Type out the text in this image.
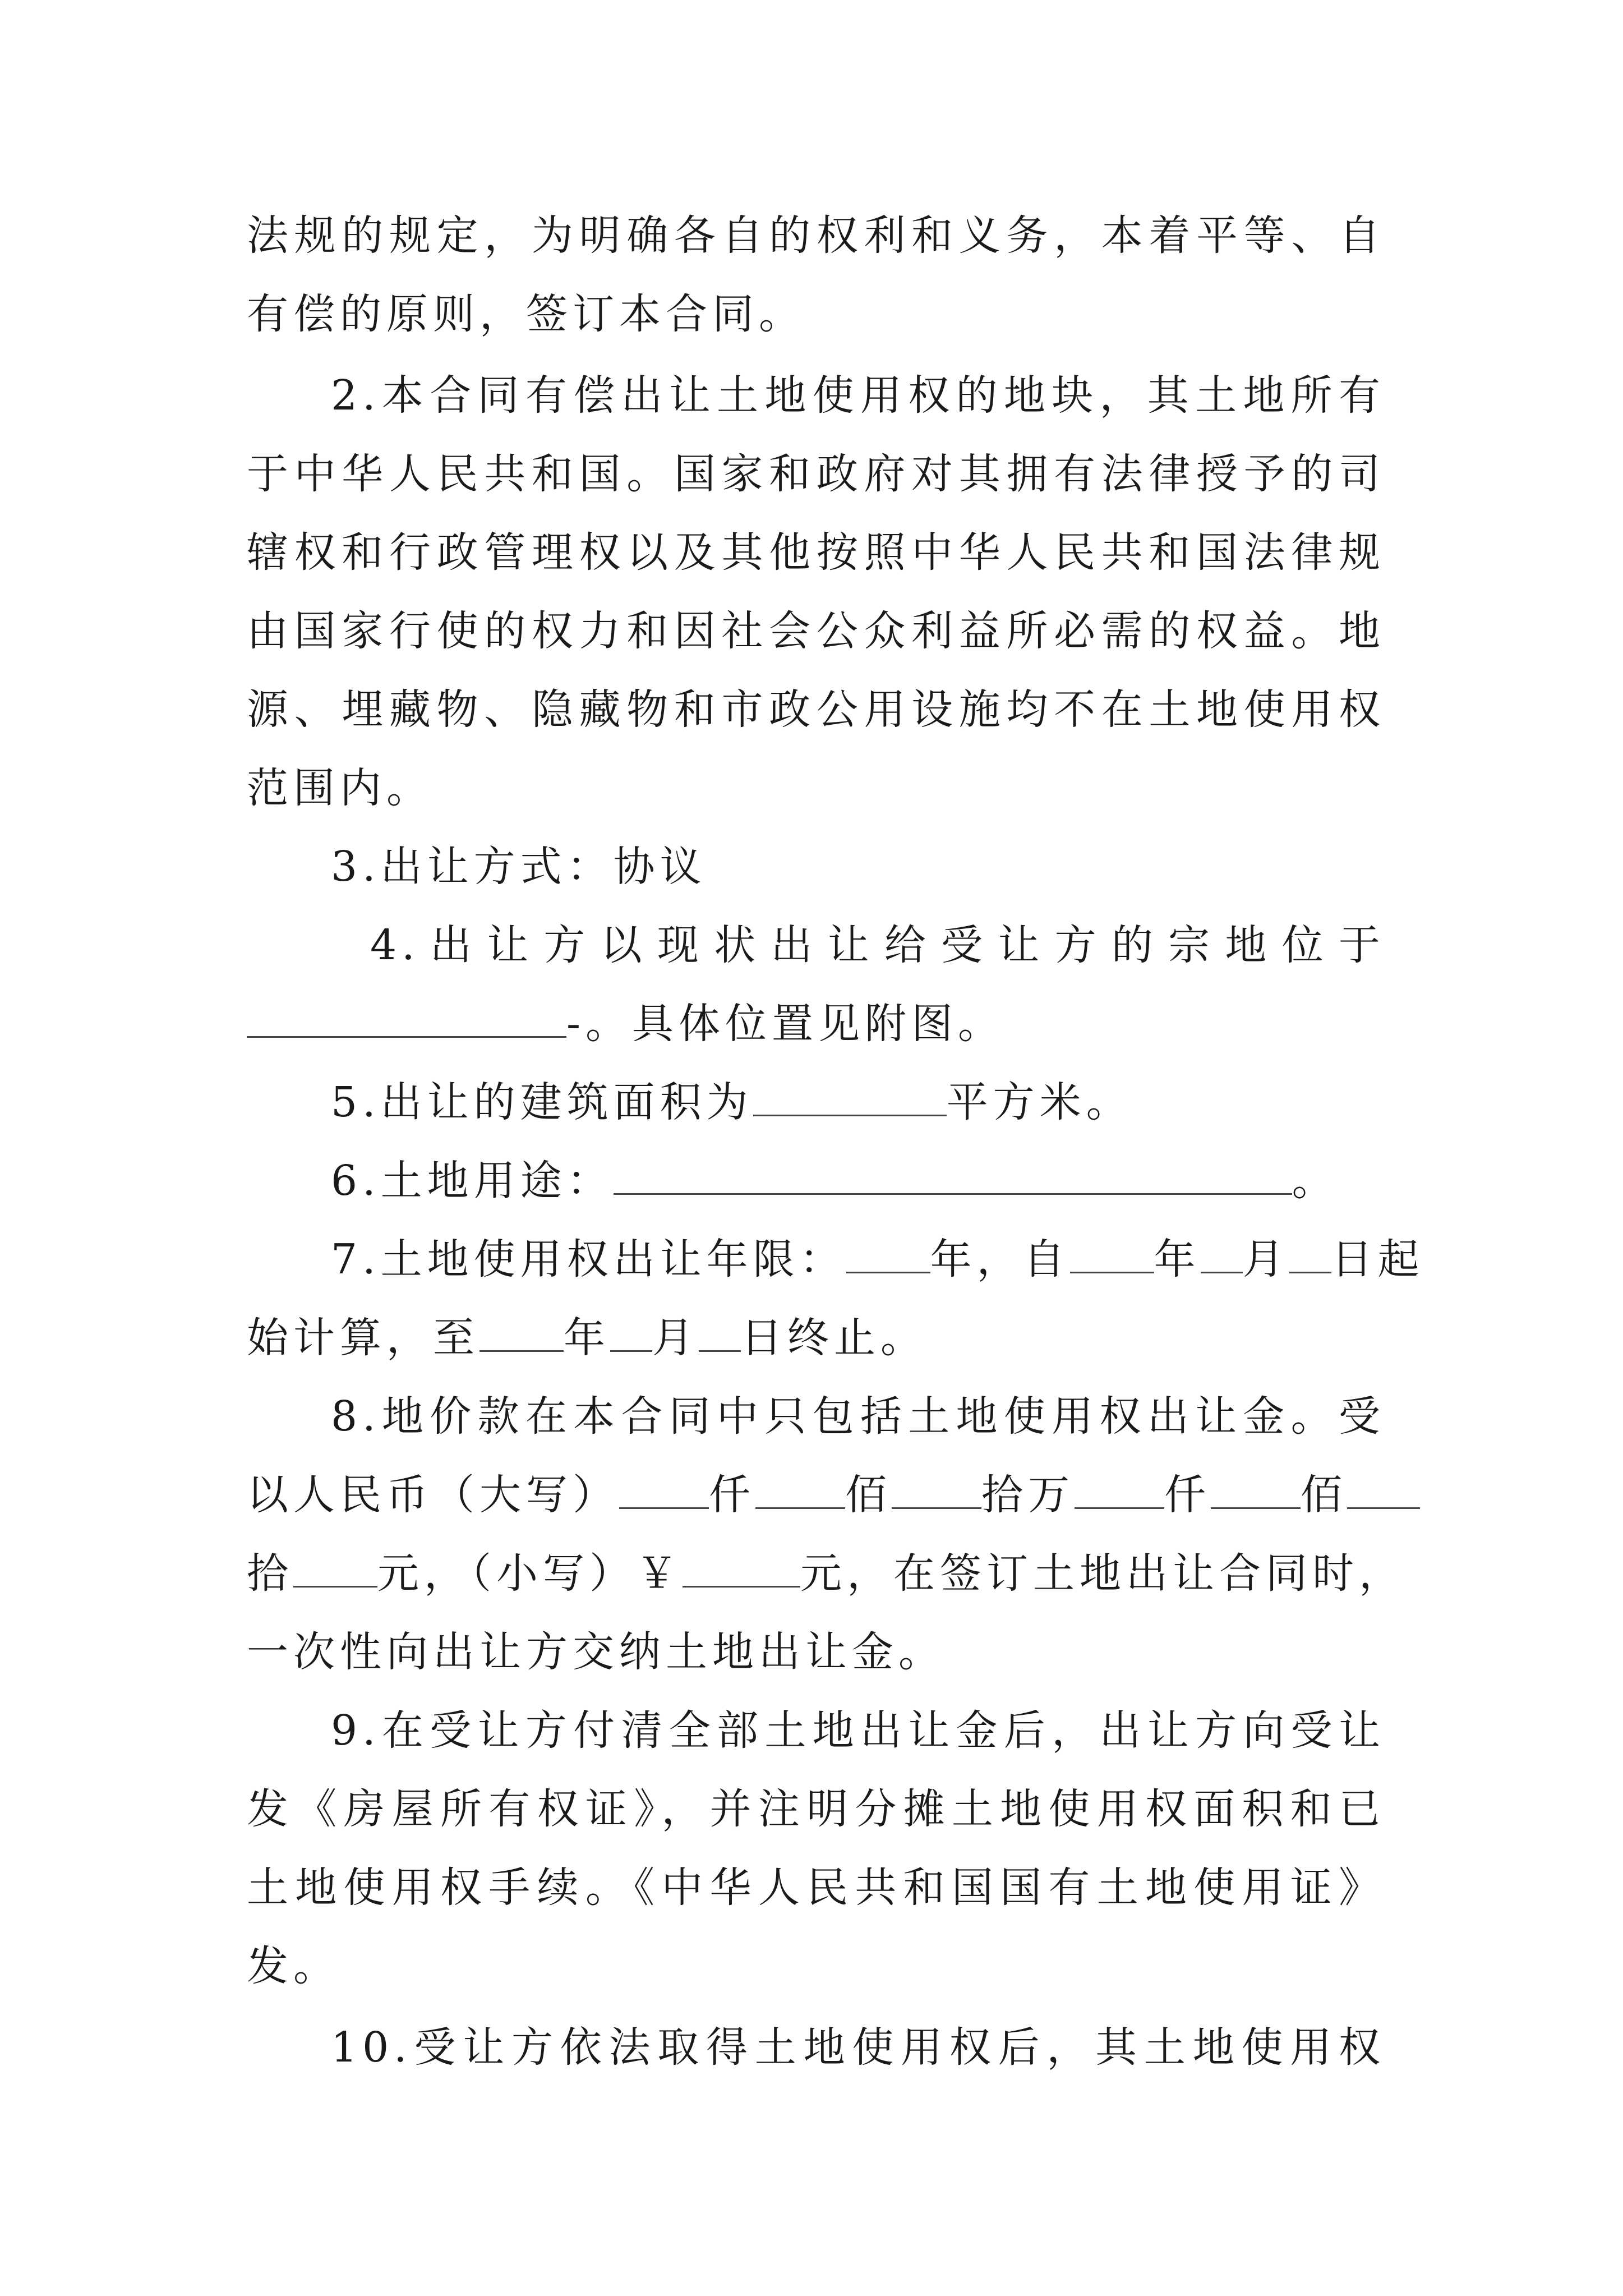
法规的规定，为明确各自的权利和义务，本着平等、自
有偿的原则，签订本合同。
2.本合同有偿出让土地使用权的地块，其土地所有
于中华人民共和国。国家和政府对其拥有法律授予的司
辖权和行政管理权以及其他按照中华人民共和国法律规
由国家行使的权力和因社会公众利益所必需的权益。地
源、埋藏物、隐藏物和市政公用设施均不在土地使用权
范围内。
3.出让方式：协议
4. 出 让 方 以 现 状 出 让 给 受 让 方 的 宗 地 位 于
-。具体位置见附图。
5.出让的建筑面积为	平方米。
6.土地用途：	。
7.土地使用权出让年限： 年，自 年 月 日起
始计算，至 年 月 日终止。
8.地价款在本合同中只包括土地使用权出让金。受
以人民币（大写） 仟 佰 拾万 仟 佰
拾 元，（小写）￥	元，在签订土地出让合同时，
一次性向出让方交纳土地出让金。
9.在受让方付清全部土地出让金后，出让方向受让
发《房屋所有权证》，并注明分摊土地使用权面积和已
土地使用权手续。《中华人民共和国国有土地使用证》
发。
10.受让方依法取得土地使用权后，其土地使用权
